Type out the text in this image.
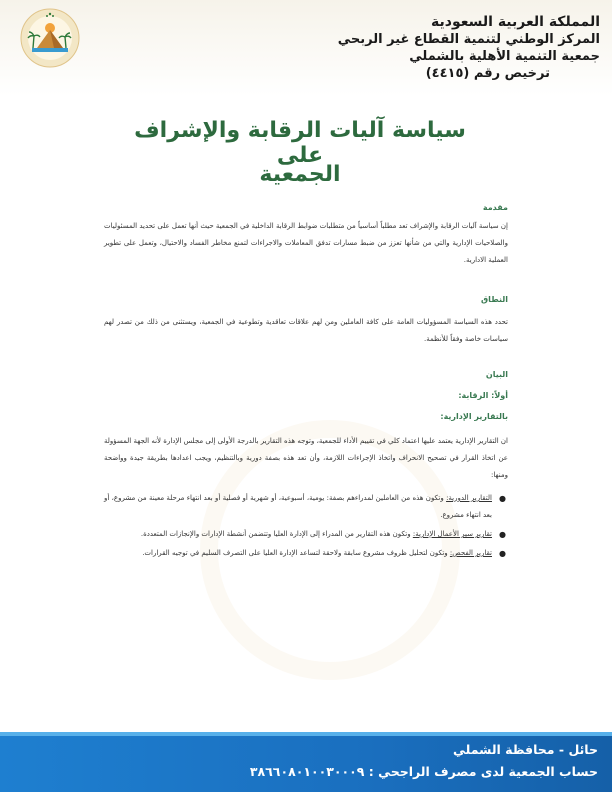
المملكة العربية السعودية
المركز الوطني لتنمية القطاع غير الربحي
جمعية التنمية الأهلية بالشملي
ترخيص رقم (٤٤١٥)
سياسة آليات الرقابة والإشراف على
الجمعية
مقدمة
إن سياسة آليات الرقابة والإشراف تعد مطلباً أساسياً من متطلبات ضوابط الرقابة الداخلية في الجمعية حيث أنها تعمل على تحديد المسئوليات والصلاحيات الإدارية والتي من شأنها تعزز من ضبط مسارات تدفق المعاملات والاجراءات لتمنع مخاطر الفساد والاحتيال، وتعمل على تطوير العملية الادارية.
النطاق
تحدد هذه السياسة المسؤوليات العامة على كافة العاملين ومن لهم علاقات تعاقدية وتطوعية في الجمعية، ويستثنى من ذلك من تصدر لهم سياسات خاصة وفقاً للأنظمة.
البيان
أولاً: الرقابة:
بالتقارير الإدارية:
ان التقارير الإدارية يعتمد عليها اعتماد كلي في تقييم الأداء للجمعية، وتوجه هذه التقارير بالدرجة الأولى إلى مجلس الإدارة لأنه الجهة المسؤولة عن اتخاذ القرار في تصحيح الانحراف واتخاذ الإجراءات اللازمة، وأن تعد هذه بصفة دورية وبالتنظيم، ويجب اعدادها بطريقة جيدة وواضحة ومنها:
●
التقارير الدورية: وتكون هذه من العاملين لمدراءهم بصفة: يومية، أسبوعية، أو شهرية أو فصلية أو بعد انتهاء مرحلة معينة من مشروع، أو بعد انتهاء مشروع.
●
تقارير سير الأعمال الإدارية: وتكون هذه التقارير من المدراء إلى الإدارة العليا وتتضمن أنشطة الإدارات والإنجازات المتعددة.
●
تقارير الفحص: وتكون لتحليل ظروف مشروع سابقة ولاحقة لتساعد الإدارة العليا على التصرف السليم في توجيه القرارات.
حائل - محافظة الشملي
حساب الجمعية لدى مصرف الراجحي : ٣٨٦٦٠٨٠١٠٠٣٠٠٠٩
